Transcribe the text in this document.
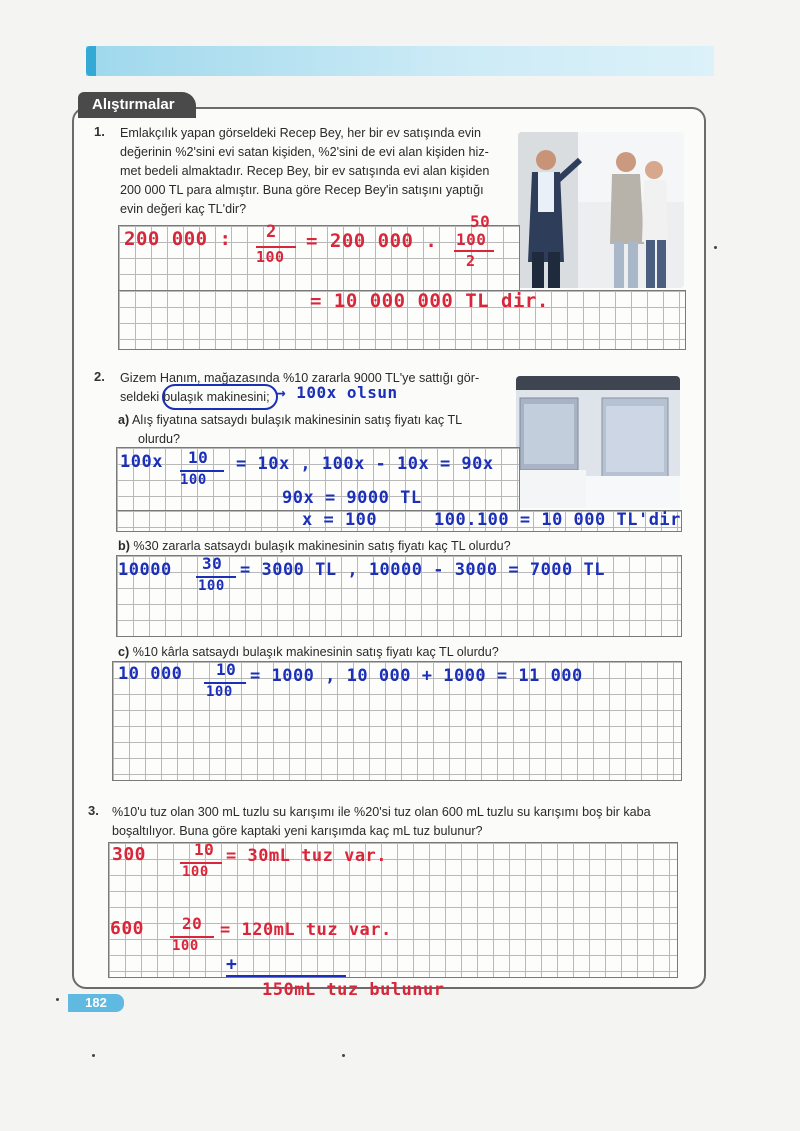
Alıştırmalar
1. Emlakçılık yapan görseldeki Recep Bey, her bir ev satışında evin
değerinin %2'sini evi satan kişiden, %2'sini de evi alan kişiden hiz-
met bedeli almaktadır. Recep Bey, bir ev satışında evi alan kişiden
200 000 TL para almıştır. Buna göre Recep Bey'in satışını yaptığı
evin değeri kaç TL'dir?
200 000 : 2
100
= 200 000 .
50
100
2
= 10 000 000 TL dir.
2. Gizem Hanım, mağazasında %10 zararla 9000 TL'ye sattığı gör-
seldeki bulaşık makinesini; → 100x olsun
a) Alış fiyatına satsaydı bulaşık makinesinin satış fiyatı kaç TL
olurdu?
100x 10
100
= 10x , 100x - 10x = 90x
90x = 9000 TL
x = 100	100.100 = 10 000 TL'dir
b) %30 zararla satsaydı bulaşık makinesinin satış fiyatı kaç TL olurdu?
10000 30
100
= 3000 TL , 10000 - 3000 = 7000 TL
c) %10 kârla satsaydı bulaşık makinesinin satış fiyatı kaç TL olurdu?
10 000 10
100
= 1000 , 10 000 + 1000 = 11 000
3. %10'u tuz olan 300 mL tuzlu su karışımı ile %20'si tuz olan 600 mL tuzlu su karışımı boş bir kaba
boşaltılıyor. Buna göre kaptaki yeni karışımda kaç mL tuz bulunur?
300	10
100
= 30mL tuz var.
600 20
100
= 120mL tuz var.
+
150mL tuz bulunur
182
